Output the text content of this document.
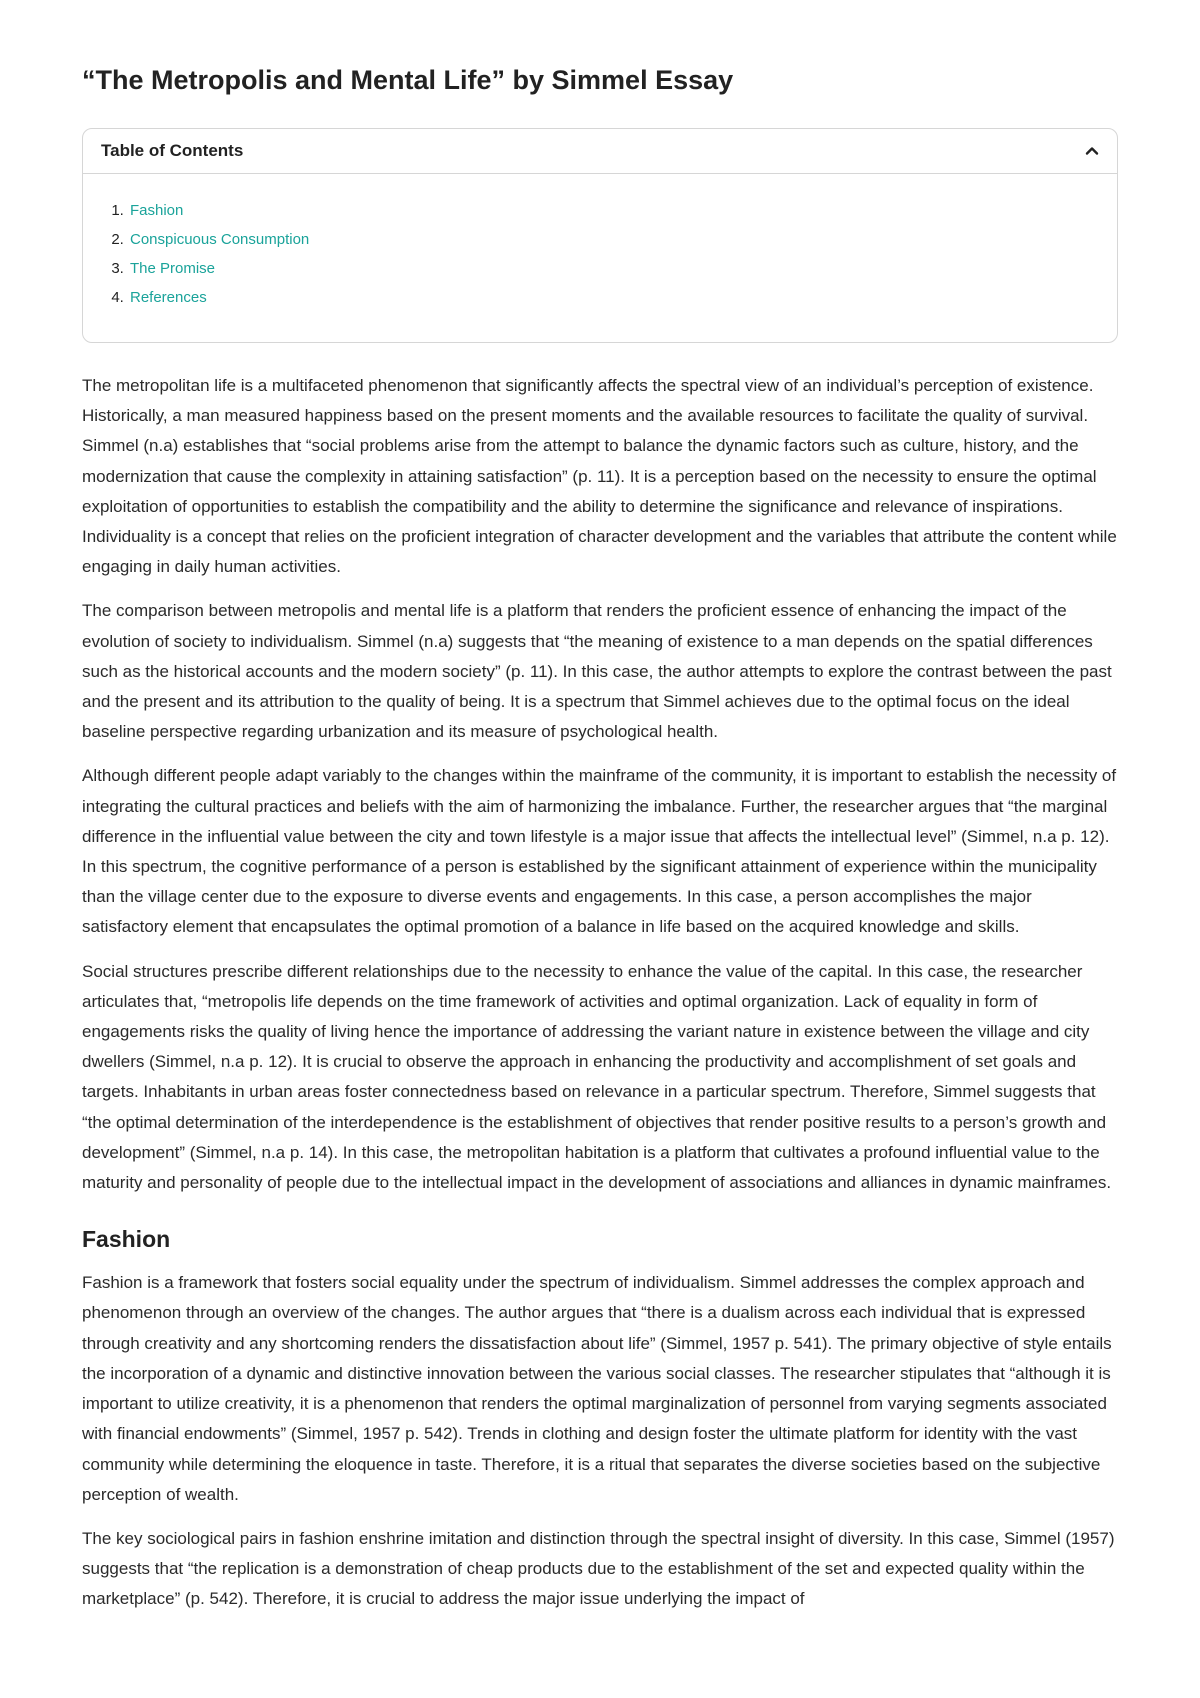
“The Metropolis and Mental Life” by Simmel Essay
Table of Contents
1. Fashion
2. Conspicuous Consumption
3. The Promise
4. References

The metropolitan life is a multifaceted phenomenon that significantly affects the spectral view of an individual’s perception of existence. Historically, a man measured happiness based on the present moments and the available resources to facilitate the quality of survival. Simmel (n.a) establishes that “social problems arise from the attempt to balance the dynamic factors such as culture, history, and the modernization that cause the complexity in attaining satisfaction” (p. 11). It is a perception based on the necessity to ensure the optimal exploitation of opportunities to establish the compatibility and the ability to determine the significance and relevance of inspirations. Individuality is a concept that relies on the proficient integration of character development and the variables that attribute the content while engaging in daily human activities.

The comparison between metropolis and mental life is a platform that renders the proficient essence of enhancing the impact of the evolution of society to individualism. Simmel (n.a) suggests that “the meaning of existence to a man depends on the spatial differences such as the historical accounts and the modern society” (p. 11). In this case, the author attempts to explore the contrast between the past and the present and its attribution to the quality of being. It is a spectrum that Simmel achieves due to the optimal focus on the ideal baseline perspective regarding urbanization and its measure of psychological health.

Although different people adapt variably to the changes within the mainframe of the community, it is important to establish the necessity of integrating the cultural practices and beliefs with the aim of harmonizing the imbalance. Further, the researcher argues that “the marginal difference in the influential value between the city and town lifestyle is a major issue that affects the intellectual level” (Simmel, n.a p. 12). In this spectrum, the cognitive performance of a person is established by the significant attainment of experience within the municipality than the village center due to the exposure to diverse events and engagements. In this case, a person accomplishes the major satisfactory element that encapsulates the optimal promotion of a balance in life based on the acquired knowledge and skills.

Social structures prescribe different relationships due to the necessity to enhance the value of the capital. In this case, the researcher articulates that, “metropolis life depends on the time framework of activities and optimal organization. Lack of equality in form of engagements risks the quality of living hence the importance of addressing the variant nature in existence between the village and city dwellers (Simmel, n.a p. 12). It is crucial to observe the approach in enhancing the productivity and accomplishment of set goals and targets. Inhabitants in urban areas foster connectedness based on relevance in a particular spectrum. Therefore, Simmel suggests that “the optimal determination of the interdependence is the establishment of objectives that render positive results to a person’s growth and development” (Simmel, n.a p. 14). In this case, the metropolitan habitation is a platform that cultivates a profound influential value to the maturity and personality of people due to the intellectual impact in the development of associations and alliances in dynamic mainframes.

Fashion

Fashion is a framework that fosters social equality under the spectrum of individualism. Simmel addresses the complex approach and phenomenon through an overview of the changes. The author argues that “there is a dualism across each individual that is expressed through creativity and any shortcoming renders the dissatisfaction about life” (Simmel, 1957 p. 541). The primary objective of style entails the incorporation of a dynamic and distinctive innovation between the various social classes. The researcher stipulates that “although it is important to utilize creativity, it is a phenomenon that renders the optimal marginalization of personnel from varying segments associated with financial endowments” (Simmel, 1957 p. 542). Trends in clothing and design foster the ultimate platform for identity with the vast community while determining the eloquence in taste. Therefore, it is a ritual that separates the diverse societies based on the subjective perception of wealth.

The key sociological pairs in fashion enshrine imitation and distinction through the spectral insight of diversity. In this case, Simmel (1957) suggests that “the replication is a demonstration of cheap products due to the establishment of the set and expected quality within the marketplace” (p. 542). Therefore, it is crucial to address the major issue underlying the impact of
